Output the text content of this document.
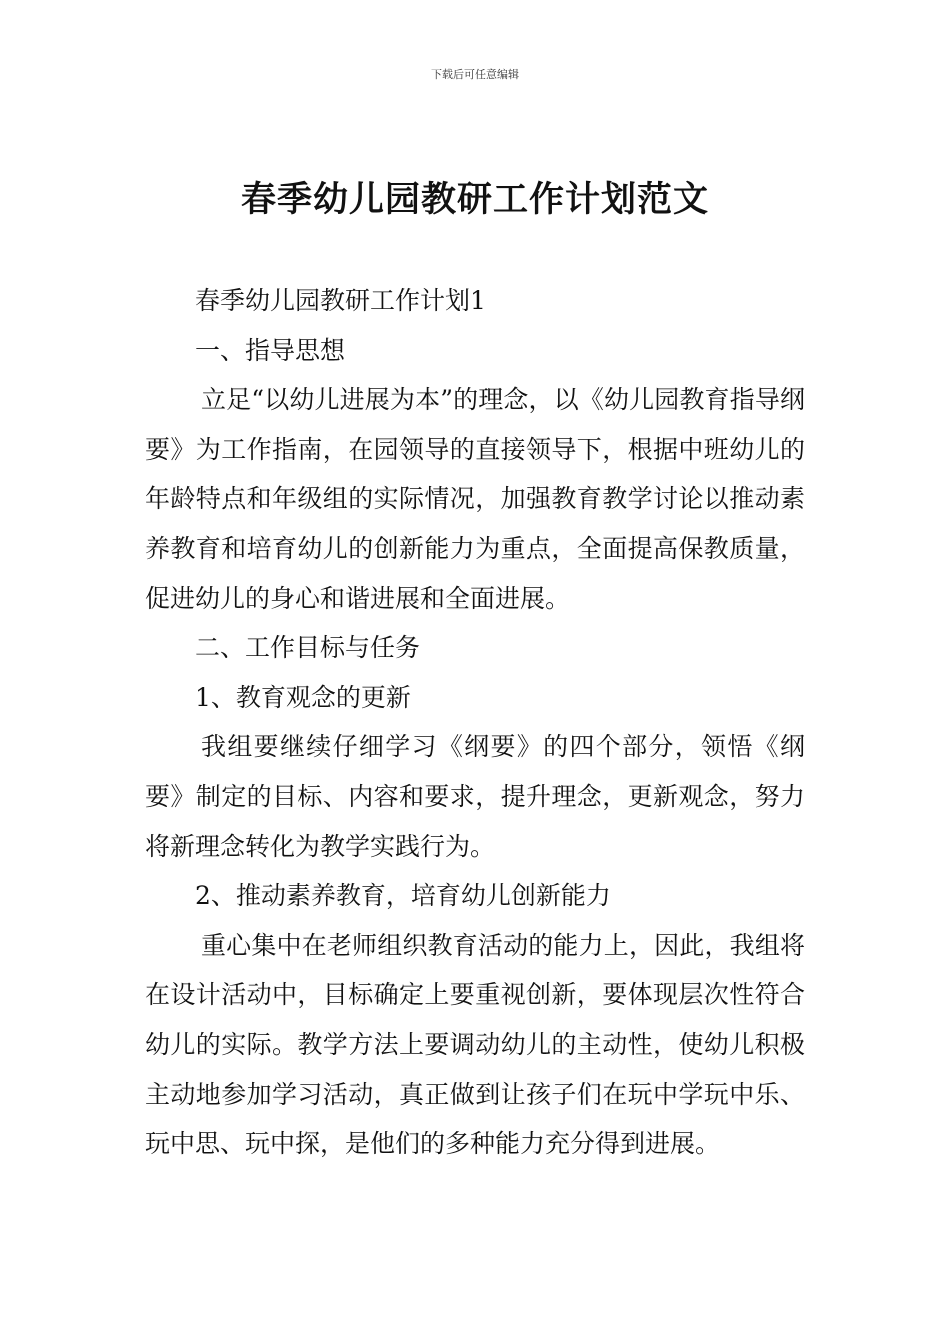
下载后可任意编辑
春季幼儿园教研工作计划范文

春季幼儿园教研工作计划1

一、指导思想

立足“以幼儿进展为本”的理念，以《幼儿园教育指导纲要》为工作指南，在园领导的直接领导下，根据中班幼儿的年龄特点和年级组的实际情况，加强教育教学讨论以推动素养教育和培育幼儿的创新能力为重点，全面提高保教质量，促进幼儿的身心和谐进展和全面进展。

二、工作目标与任务

1、教育观念的更新

我组要继续仔细学习《纲要》的四个部分，领悟《纲要》制定的目标、内容和要求，提升理念，更新观念，努力将新理念转化为教学实践行为。

2、推动素养教育，培育幼儿创新能力

重心集中在老师组织教育活动的能力上，因此，我组将在设计活动中，目标确定上要重视创新，要体现层次性符合幼儿的实际。教学方法上要调动幼儿的主动性，使幼儿积极主动地参加学习活动，真正做到让孩子们在玩中学玩中乐、玩中思、玩中探，是他们的多种能力充分得到进展。
